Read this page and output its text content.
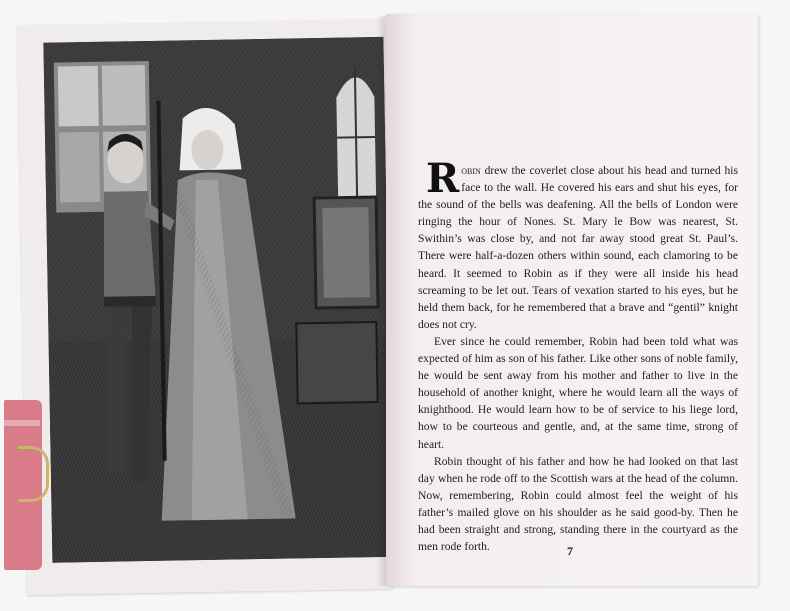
Robin drew the coverlet close about his head and turned his face to the wall. He covered his ears and shut his eyes, for the sound of the bells was deafening. All the bells of London were ringing the hour of Nones. St. Mary le Bow was nearest, St. Swithin’s was close by, and not far away stood great St. Paul’s. There were half-a-dozen others within sound, each clamoring to be heard. It seemed to Robin as if they were all inside his head screaming to be let out. Tears of vexation started to his eyes, but he held them back, for he remembered that a brave and “gentil” knight does not cry.

Ever since he could remember, Robin had been told what was expected of him as son of his father. Like other sons of noble family, he would be sent away from his mother and father to live in the household of another knight, where he would learn all the ways of knighthood. He would learn how to be of service to his liege lord, how to be courteous and gentle, and, at the same time, strong of heart.

Robin thought of his father and how he had looked on that last day when he rode off to the Scottish wars at the head of the column. Now, remembering, Robin could almost feel the weight of his father’s mailed glove on his shoulder as he said good-by. Then he had been straight and strong, standing there in the courtyard as the men rode forth.	7
